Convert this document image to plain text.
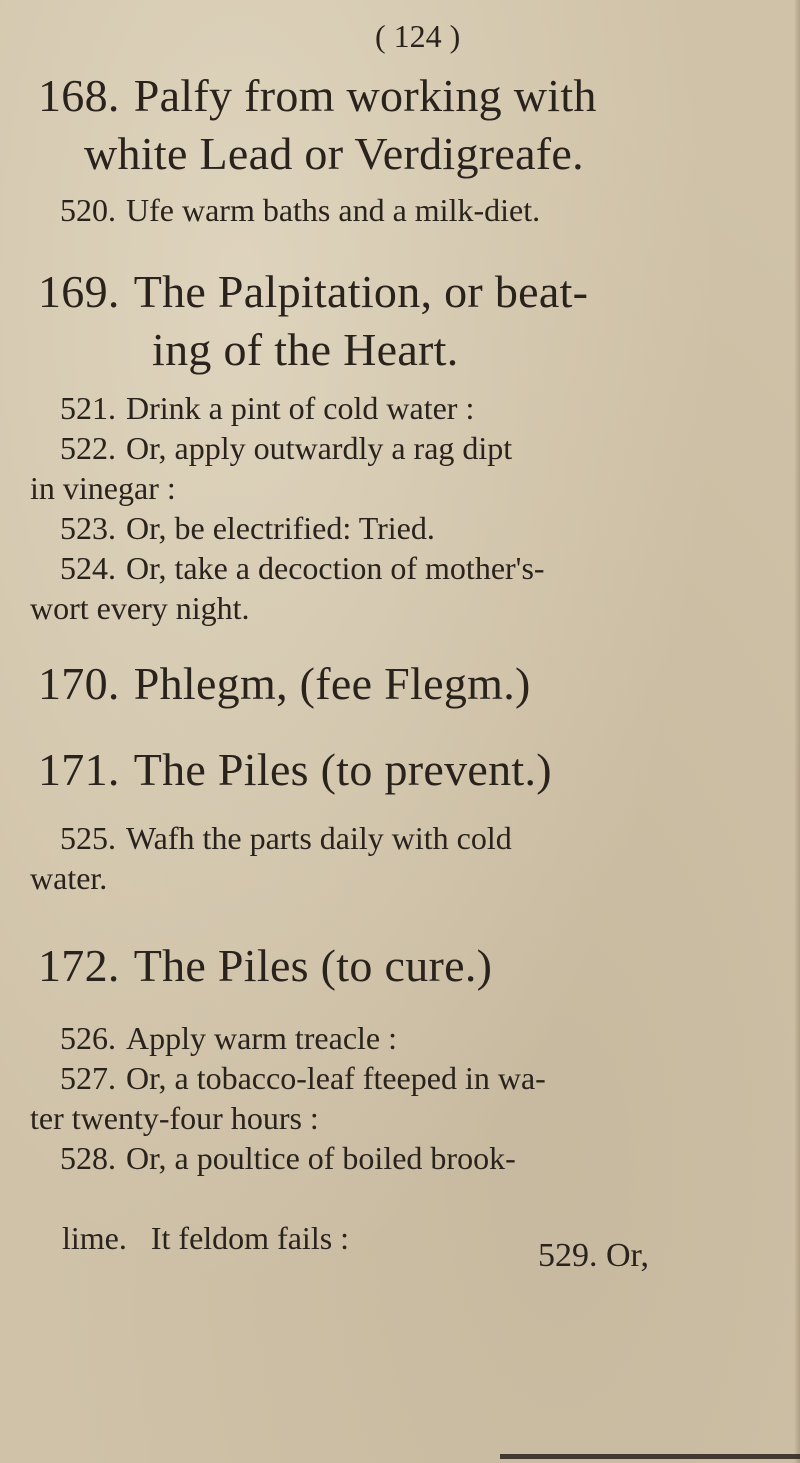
( 124 )
168. Palfy from working with
white Lead or Verdigreafe.
520. Ufe warm baths and a milk-diet.
169. The Palpitation, or beat-
ing of the Heart.
521. Drink a pint of cold water :
522. Or, apply outwardly a rag dipt
in vinegar :
523. Or, be electrified: Tried.
524. Or, take a decoction of mother's-
wort every night.
170. Phlegm, (fee Flegm.)
171. The Piles (to prevent.)
525. Wafh the parts daily with cold
water.
172. The Piles (to cure.)
526. Apply warm treacle :
527. Or, a tobacco-leaf fteeped in wa-
ter twenty-four hours :
528. Or, a poultice of boiled brook-

lime.   It feldom fails :
	529. Or,
